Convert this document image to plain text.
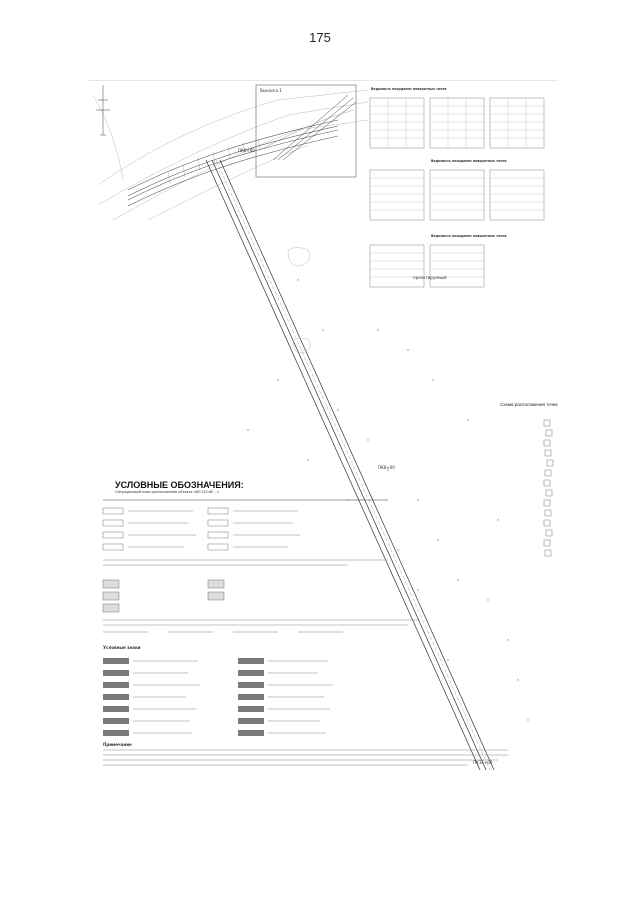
175
ПК0+00
ПК8+00
ПК15+00
Выноска 1
проектируемый
Схема расположения точек
Ведомость координат поворотных точек
Ведомость координат поворотных точек
Ведомость координат поворотных точек
УСЛОВНЫЕ ОБОЗНАЧЕНИЯ:
Ситуационный план расположения объекта «ВЛ 110 кВ ...»
Условные знаки
Примечание
